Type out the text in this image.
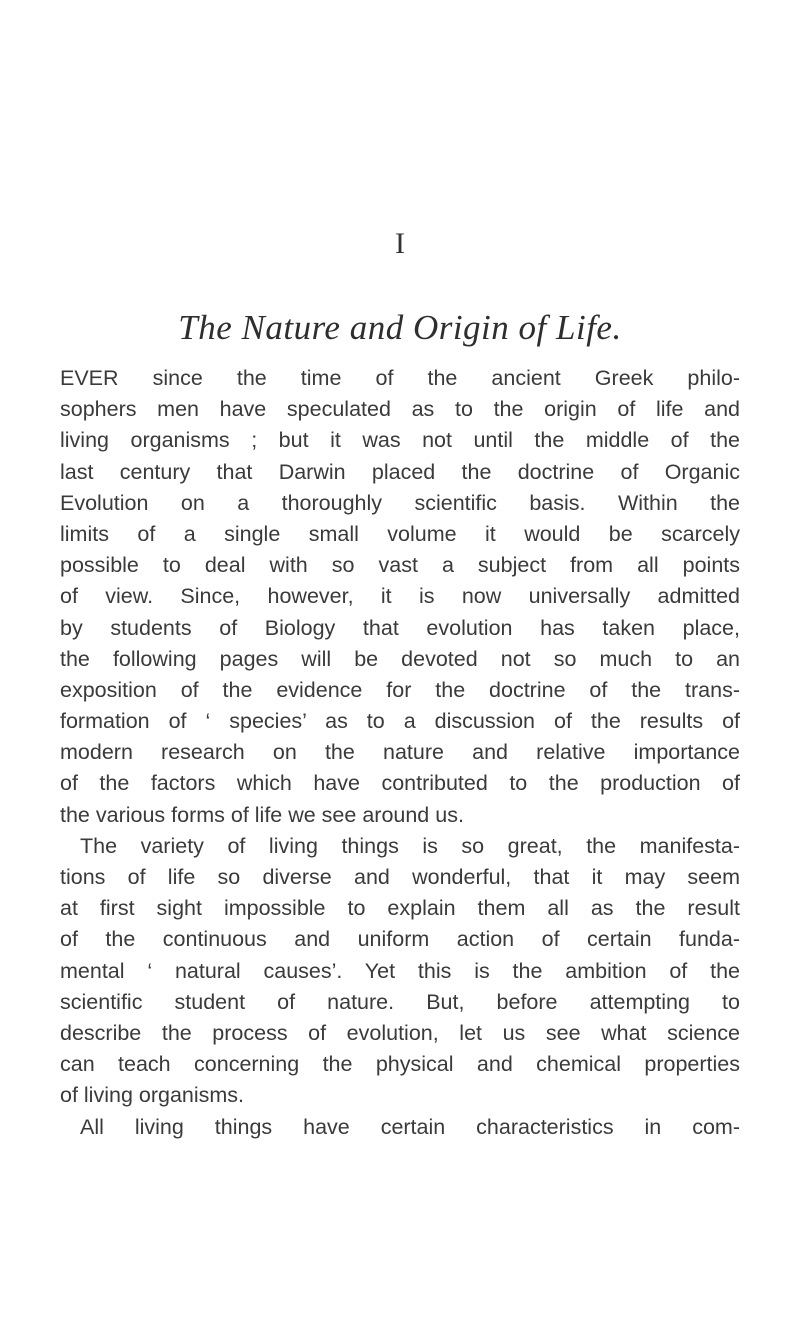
I
The Nature and Origin of Life.
EVER since the time of the ancient Greek philo-
sophers men have speculated as to the origin of life and
living organisms ; but it was not until the middle of the
last century that Darwin placed the doctrine of Organic
Evolution on a thoroughly scientific basis. Within the
limits of a single small volume it would be scarcely
possible to deal with so vast a subject from all points
of view. Since, however, it is now universally admitted
by students of Biology that evolution has taken place,
the following pages will be devoted not so much to an
exposition of the evidence for the doctrine of the trans-
formation of ‘ species’ as to a discussion of the results of
modern research on the nature and relative importance
of the factors which have contributed to the production of
the various forms of life we see around us.
The variety of living things is so great, the manifesta-
tions of life so diverse and wonderful, that it may seem
at first sight impossible to explain them all as the result
of the continuous and uniform action of certain funda-
mental ‘ natural causes’. Yet this is the ambition of the
scientific student of nature. But, before attempting to
describe the process of evolution, let us see what science
can teach concerning the physical and chemical properties
of living organisms.
All living things have certain characteristics in com-
